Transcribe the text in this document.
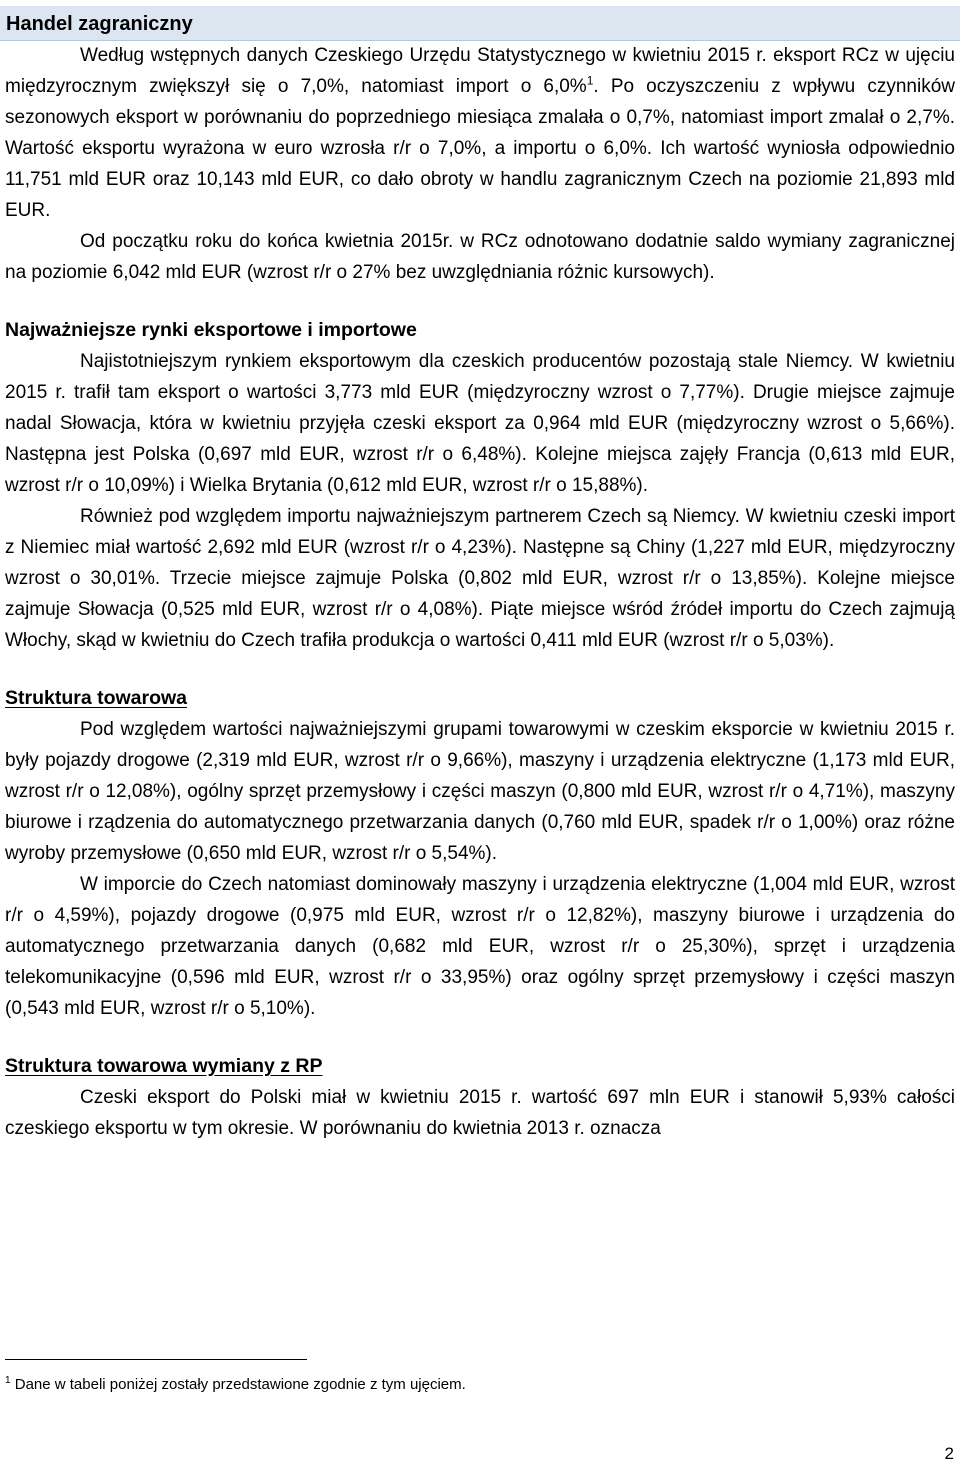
Handel zagraniczny

Według wstępnych danych Czeskiego Urzędu Statystycznego w kwietniu 2015 r. eksport RCz w ujęciu międzyrocznym zwiększył się o 7,0%, natomiast import o 6,0%$^1$. Po oczyszczeniu z wpływu czynników sezonowych eksport w porównaniu do poprzedniego miesiąca zmalała o 0,7%, natomiast import zmalał o 2,7%. Wartość eksportu wyrażona w euro wzrosła r/r o 7,0%, a importu o 6,0%. Ich wartość wyniosła odpowiednio 11,751 mld EUR oraz 10,143 mld EUR, co dało obroty w handlu zagranicznym Czech na poziomie 21,893 mld EUR.

Od początku roku do końca kwietnia 2015r. w RCz odnotowano dodatnie saldo wymiany zagranicznej na poziomie 6,042 mld EUR (wzrost r/r o 27% bez uwzględniania różnic kursowych).

Najważniejsze rynki eksportowe i importowe

Najistotniejszym rynkiem eksportowym dla czeskich producentów pozostają stale Niemcy. W kwietniu 2015 r. trafił tam eksport o wartości 3,773 mld EUR (międzyroczny wzrost o 7,77%). Drugie miejsce zajmuje nadal Słowacja, która w kwietniu przyjęła czeski eksport za 0,964 mld EUR (międzyroczny wzrost o 5,66%). Następna jest Polska (0,697 mld EUR, wzrost r/r o 6,48%). Kolejne miejsca zajęły Francja (0,613 mld EUR, wzrost r/r o 10,09%) i Wielka Brytania (0,612 mld EUR, wzrost r/r o 15,88%).

Również pod względem importu najważniejszym partnerem Czech są Niemcy. W kwietniu czeski import z Niemiec miał wartość 2,692 mld EUR (wzrost r/r o 4,23%). Następne są Chiny (1,227 mld EUR, międzyroczny wzrost o 30,01%. Trzecie miejsce zajmuje Polska (0,802 mld EUR, wzrost r/r o 13,85%). Kolejne miejsce zajmuje Słowacja (0,525 mld EUR, wzrost r/r o 4,08%). Piąte miejsce wśród źródeł importu do Czech zajmują Włochy, skąd w kwietniu do Czech trafiła produkcja o wartości 0,411 mld EUR (wzrost r/r o 5,03%).

Struktura towarowa

Pod względem wartości najważniejszymi grupami towarowymi w czeskim eksporcie w kwietniu 2015 r. były pojazdy drogowe (2,319 mld EUR, wzrost r/r o 9,66%), maszyny i urządzenia elektryczne (1,173 mld EUR, wzrost r/r o 12,08%), ogólny sprzęt przemysłowy i części maszyn (0,800 mld EUR, wzrost r/r o 4,71%), maszyny biurowe i rządzenia do automatycznego przetwarzania danych (0,760 mld EUR, spadek r/r o 1,00%) oraz różne wyroby przemysłowe (0,650 mld EUR, wzrost r/r o 5,54%).

W imporcie do Czech natomiast dominowały maszyny i urządzenia elektryczne (1,004 mld EUR, wzrost r/r o 4,59%), pojazdy drogowe (0,975 mld EUR, wzrost r/r o 12,82%), maszyny biurowe i urządzenia do automatycznego przetwarzania danych (0,682 mld EUR, wzrost r/r o 25,30%), sprzęt i urządzenia telekomunikacyjne (0,596 mld EUR, wzrost r/r o 33,95%) oraz ogólny sprzęt przemysłowy i części maszyn (0,543 mld EUR, wzrost r/r o 5,10%).

Struktura towarowa wymiany z RP

Czeski eksport do Polski miał w kwietniu 2015 r. wartość 697 mln EUR i stanowił 5,93% całości czeskiego eksportu w tym okresie. W porównaniu do kwietnia 2013 r. oznacza

$^1$ Dane w tabeli poniżej zostały przedstawione zgodnie z tym ujęciem.
2
